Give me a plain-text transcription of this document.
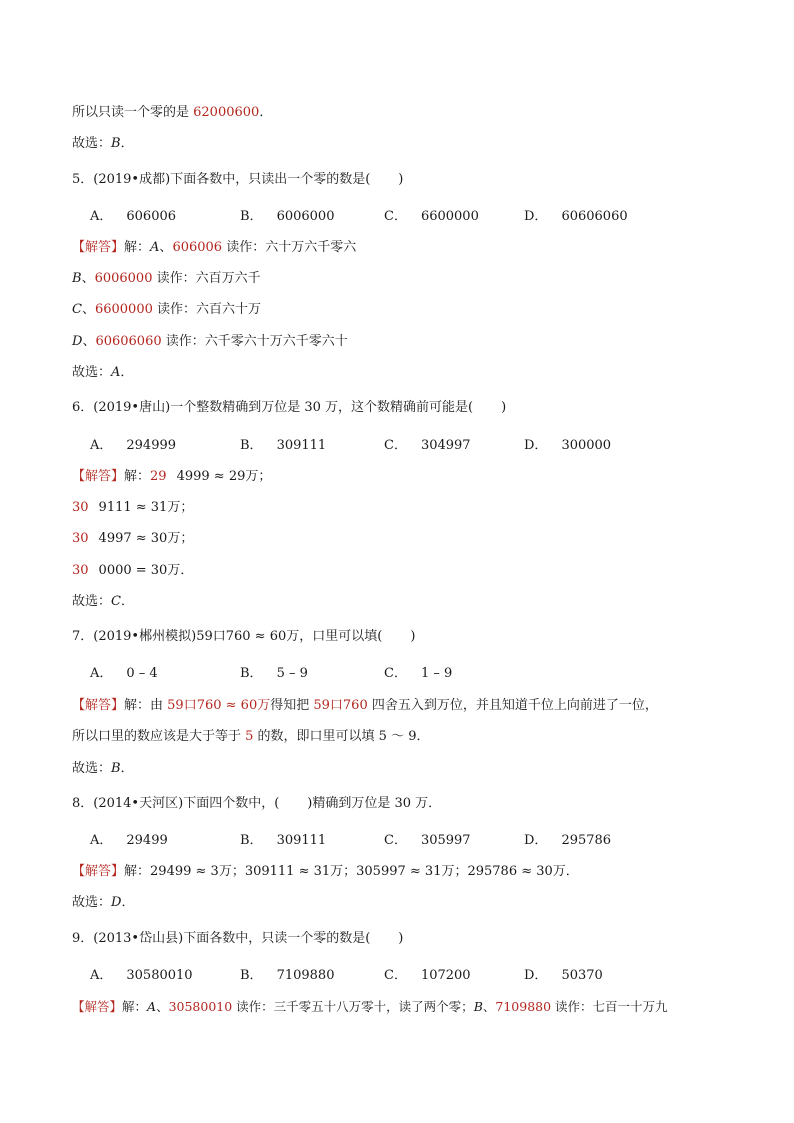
所以只读一个零的是 62000600．
故选：B．
5．(2019•成都)下面各数中，只读出一个零的数是( )
A． 606006	B． 6006000	C． 6600000	D． 60606060
【解答】解：A、606006 读作：六十万六千零六
B、6006000 读作：六百万六千
C、6600000 读作：六百六十万
D、60606060 读作：六千零六十万六千零六十
故选：A．
6．(2019•唐山)一个整数精确到万位是 30 万，这个数精确前可能是( )
A． 294999	B． 309111	C． 304997	D． 300000
【解答】解：29 4999 ≈ 29万；
30 9111 ≈ 31万；
30 4997 ≈ 30万；
30 0000 = 30万．
故选：C．
7．(2019•郴州模拟)59口760 ≈ 60万，口里可以填( )
A． 0 – 4	B． 5 – 9	C． 1 – 9
【解答】解：由 59口760 ≈ 60万得知把 59口760 四舍五入到万位，并且知道千位上向前进了一位，
所以口里的数应该是大于等于 5 的数，即口里可以填 5 ～ 9．
故选：B．
8．(2014•天河区)下面四个数中，( )精确到万位是 30 万．
A． 29499	B． 309111	C． 305997	D． 295786
【解答】解：29499 ≈ 3万；309111 ≈ 31万；305997 ≈ 31万；295786 ≈ 30万．
故选：D．
9．(2013•岱山县)下面各数中，只读一个零的数是( )
A． 30580010	B． 7109880	C． 107200	D． 50370
【解答】解：A、30580010 读作：三千零五十八万零十，读了两个零；B、7109880 读作：七百一十万九
